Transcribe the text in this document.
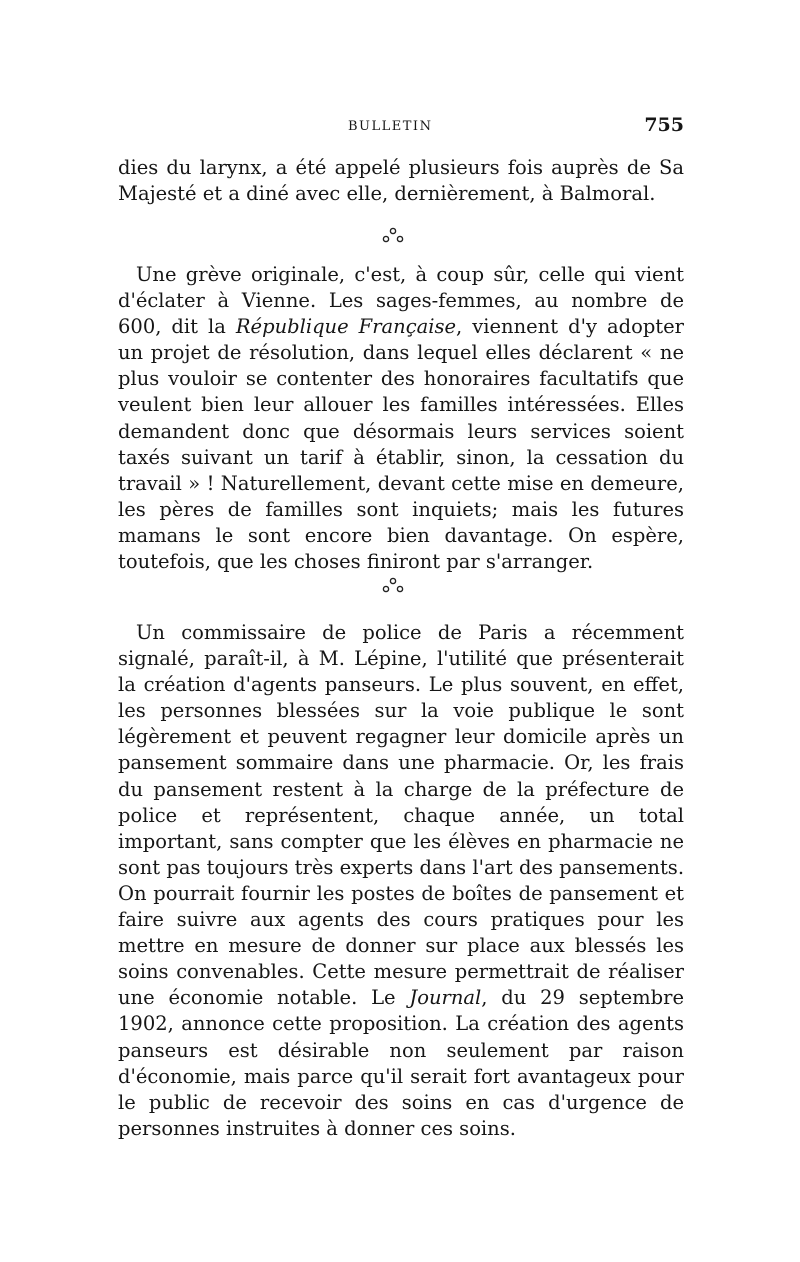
BULLETIN	755

dies du larynx, a été appelé plusieurs fois auprès de Sa Majesté et a diné avec elle, dernièrement, à Balmoral.

Une grève originale, c'est, à coup sûr, celle qui vient d'éclater à Vienne. Les sages-femmes, au nombre de 600, dit la République Française, viennent d'y adopter un projet de résolution, dans lequel elles déclarent « ne plus vouloir se contenter des honoraires facultatifs que veulent bien leur allouer les familles intéressées. Elles demandent donc que désormais leurs services soient taxés suivant un tarif à établir, sinon, la cessation du travail » ! Naturellement, devant cette mise en demeure, les pères de familles sont inquiets; mais les futures mamans le sont encore bien davantage. On espère, toutefois, que les choses finiront par s'arranger.

Un commissaire de police de Paris a récemment signalé, paraît-il, à M. Lépine, l'utilité que présenterait la création d'agents panseurs. Le plus souvent, en effet, les personnes blessées sur la voie publique le sont légèrement et peuvent regagner leur domicile après un pansement sommaire dans une pharmacie. Or, les frais du pansement restent à la charge de la préfecture de police et représentent, chaque année, un total important, sans compter que les élèves en pharmacie ne sont pas toujours très experts dans l'art des pansements. On pourrait fournir les postes de boîtes de pansement et faire suivre aux agents des cours pratiques pour les mettre en mesure de donner sur place aux blessés les soins convenables. Cette mesure permettrait de réaliser une économie notable. Le Journal, du 29 septembre 1902, annonce cette proposition. La création des agents panseurs est désirable non seulement par raison d'économie, mais parce qu'il serait fort avantageux pour le public de recevoir des soins en cas d'urgence de personnes instruites à donner ces soins.
